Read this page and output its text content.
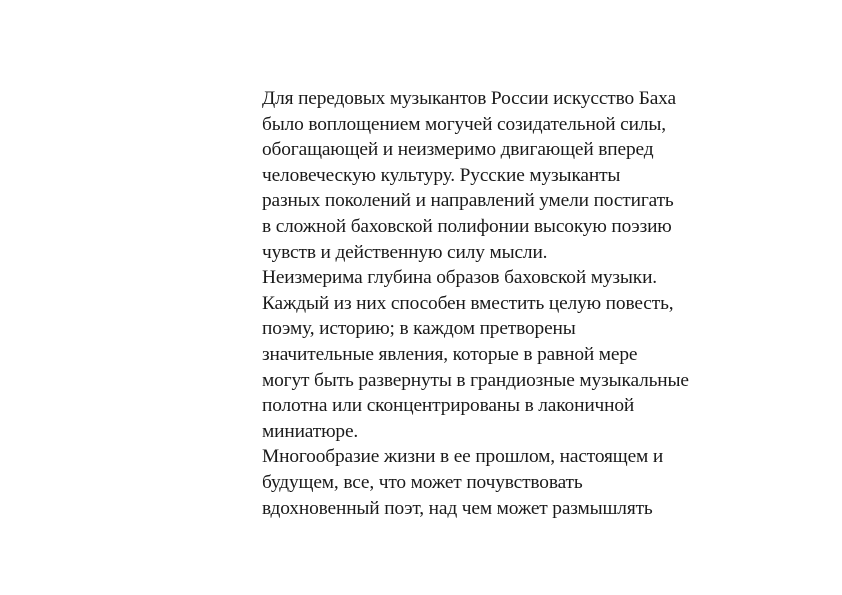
Для передовых музыкантов России искусство Баха
было воплощением могучей созидательной силы,
обогащающей и неизмеримо двигающей вперед
человеческую культуру. Русские музыканты
разных поколений и направлений умели постигать
в сложной баховской полифонии высокую поэзию
чувств и действенную силу мысли.
Неизмерима глубина образов баховской музыки.
Каждый из них способен вместить целую повесть,
поэму, историю; в каждом претворены
значительные явления, которые в равной мере
могут быть развернуты в грандиозные музыкальные
полотна или сконцентрированы в лаконичной
миниатюре.
Многообразие жизни в ее прошлом, настоящем и
будущем, все, что может почувствовать
вдохновенный поэт, над чем может размышлять
